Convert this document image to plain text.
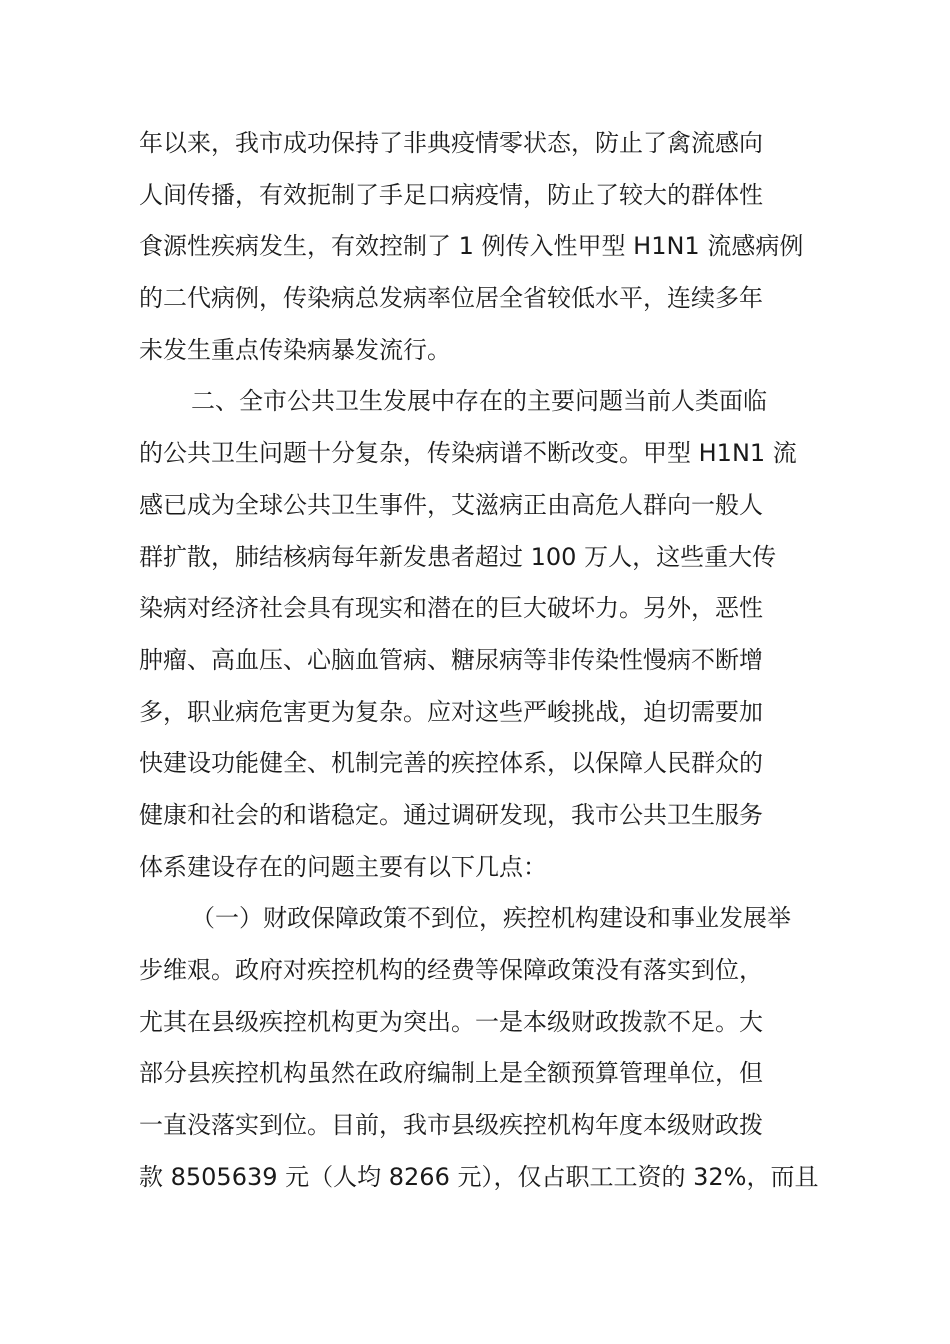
年以来，我市成功保持了非典疫情零状态，防止了禽流感向
人间传播，有效扼制了手足口病疫情，防止了较大的群体性
食源性疾病发生，有效控制了 1 例传入性甲型 H1N1 流感病例
的二代病例，传染病总发病率位居全省较低水平，连续多年
未发生重点传染病暴发流行。
二、全市公共卫生发展中存在的主要问题当前人类面临
的公共卫生问题十分复杂，传染病谱不断改变。甲型 H1N1 流
感已成为全球公共卫生事件，艾滋病正由高危人群向一般人
群扩散，肺结核病每年新发患者超过 100 万人，这些重大传
染病对经济社会具有现实和潜在的巨大破坏力。另外，恶性
肿瘤、高血压、心脑血管病、糖尿病等非传染性慢病不断增
多，职业病危害更为复杂。应对这些严峻挑战，迫切需要加
快建设功能健全、机制完善的疾控体系，以保障人民群众的
健康和社会的和谐稳定。通过调研发现，我市公共卫生服务
体系建设存在的问题主要有以下几点：
（一）财政保障政策不到位，疾控机构建设和事业发展举
步维艰。政府对疾控机构的经费等保障政策没有落实到位，
尤其在县级疾控机构更为突出。一是本级财政拨款不足。大
部分县疾控机构虽然在政府编制上是全额预算管理单位，但
一直没落实到位。目前，我市县级疾控机构年度本级财政拨
款 8505639 元（人均 8266 元），仅占职工工资的 32%，而且
